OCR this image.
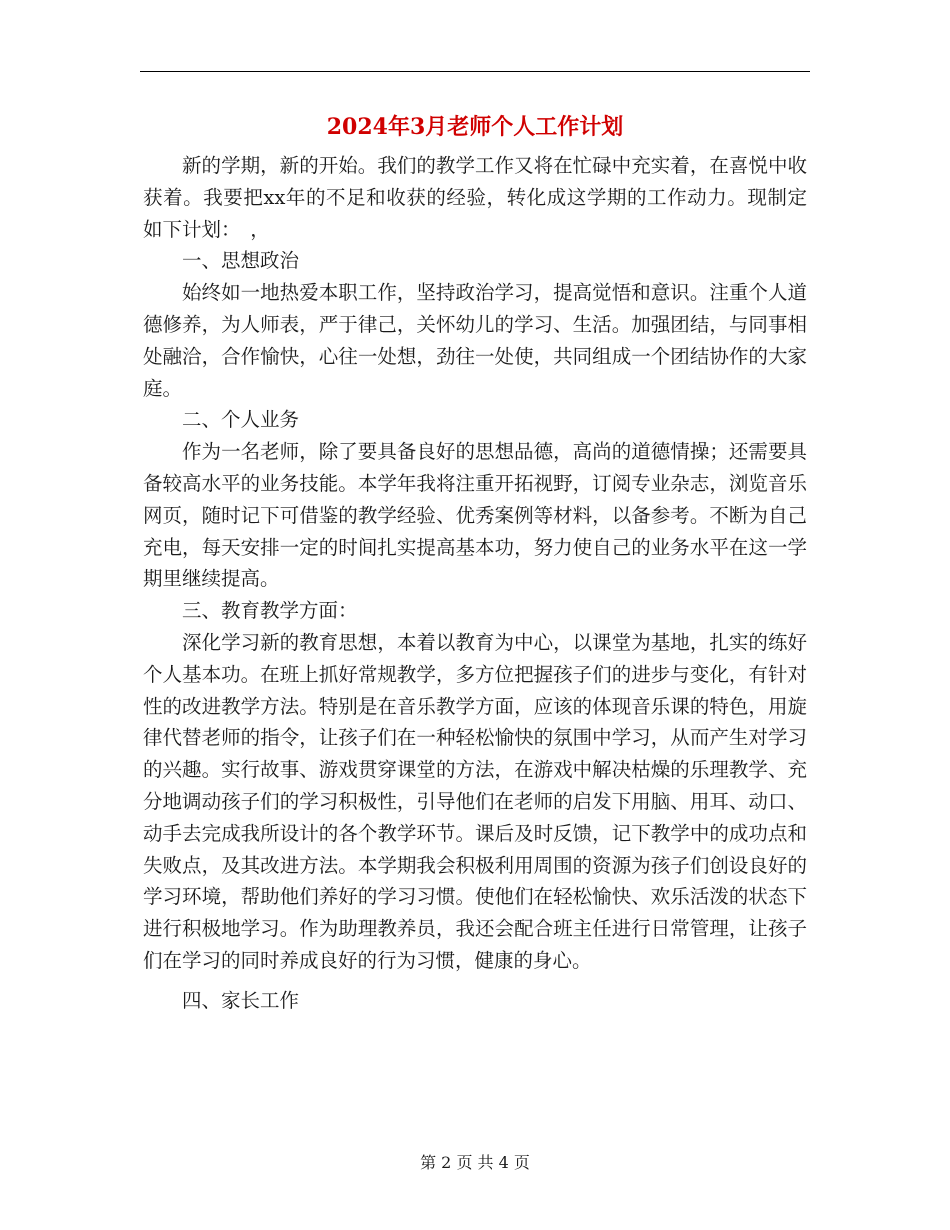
2024年3月老师个人工作计划

新的学期，新的开始。我们的教学工作又将在忙碌中充实着，在喜悦中收获着。我要把xx年的不足和收获的经验，转化成这学期的工作动力。现制定如下计划：　，

一、思想政治

始终如一地热爱本职工作，坚持政治学习，提高觉悟和意识。注重个人道德修养，为人师表，严于律己，关怀幼儿的学习、生活。加强团结，与同事相处融洽，合作愉快，心往一处想，劲往一处使，共同组成一个团结协作的大家庭。

二、个人业务

作为一名老师，除了要具备良好的思想品德，高尚的道德情操；还需要具备较高水平的业务技能。本学年我将注重开拓视野，订阅专业杂志，浏览音乐网页，随时记下可借鉴的教学经验、优秀案例等材料，以备参考。不断为自己充电，每天安排一定的时间扎实提高基本功，努力使自己的业务水平在这一学期里继续提高。

三、教育教学方面：

深化学习新的教育思想，本着以教育为中心，以课堂为基地，扎实的练好个人基本功。在班上抓好常规教学，多方位把握孩子们的进步与变化，有针对性的改进教学方法。特别是在音乐教学方面，应该的体现音乐课的特色，用旋律代替老师的指令，让孩子们在一种轻松愉快的氛围中学习，从而产生对学习的兴趣。实行故事、游戏贯穿课堂的方法，在游戏中解决枯燥的乐理教学、充分地调动孩子们的学习积极性，引导他们在老师的启发下用脑、用耳、动口、动手去完成我所设计的各个教学环节。课后及时反馈，记下教学中的成功点和失败点，及其改进方法。本学期我会积极利用周围的资源为孩子们创设良好的学习环境，帮助他们养好的学习习惯。使他们在轻松愉快、欢乐活泼的状态下进行积极地学习。作为助理教养员，我还会配合班主任进行日常管理，让孩子们在学习的同时养成良好的行为习惯，健康的身心。

四、家长工作

第 2 页 共 4 页
